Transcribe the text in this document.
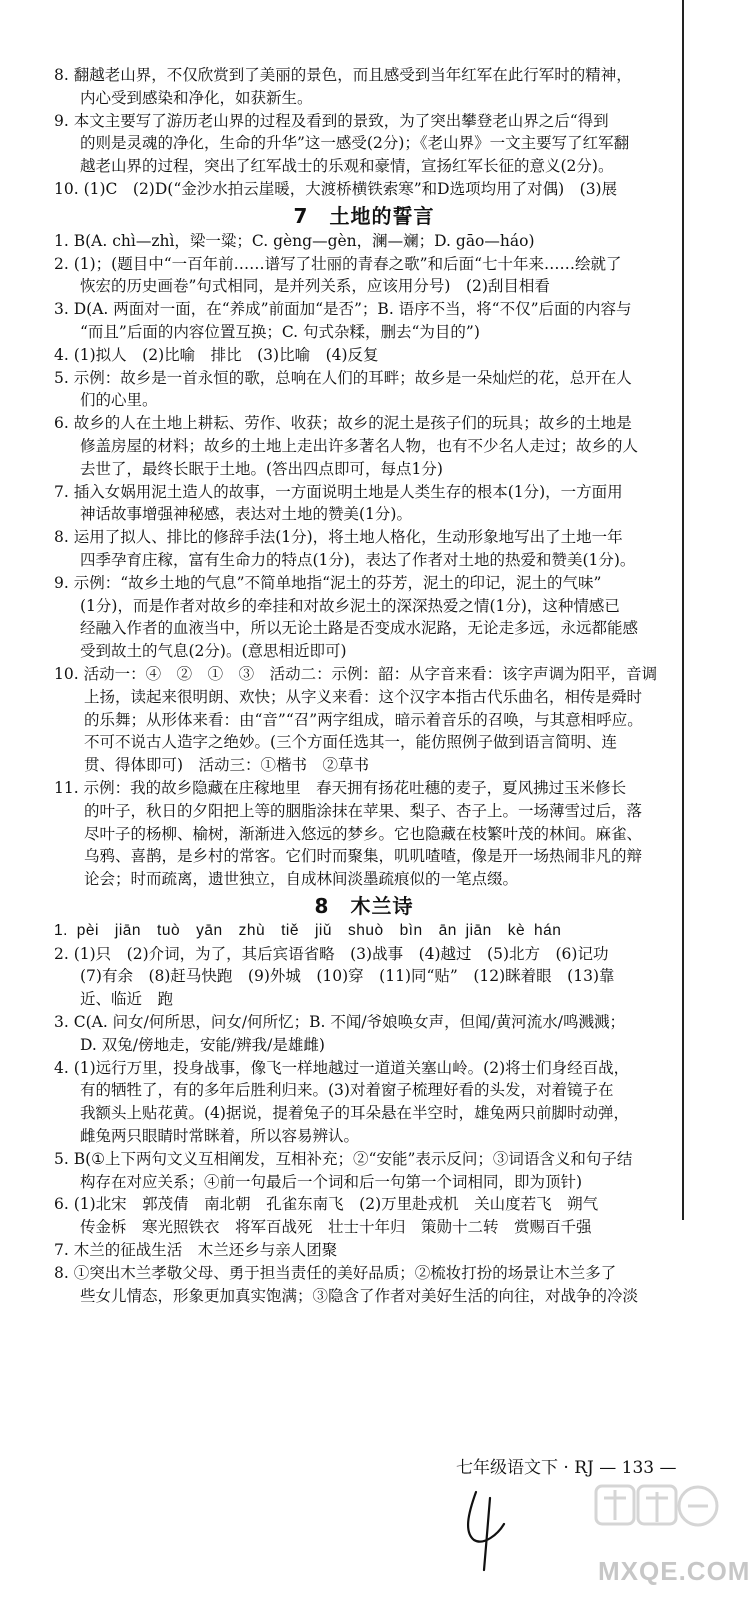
8. 翻越老山界，不仅欣赏到了美丽的景色，而且感受到当年红军在此行军时的精神，
内心受到感染和净化，如获新生。
9. 本文主要写了游历老山界的过程及看到的景致，为了突出攀登老山界之后“得到
的则是灵魂的净化，生命的升华”这一感受(2分)；《老山界》一文主要写了红军翻
越老山界的过程，突出了红军战士的乐观和豪情，宣扬红军长征的意义(2分)。
10. (1)C　(2)D(“金沙水拍云崖暖，大渡桥横铁索寒”和D选项均用了对偶)　(3)展
7　土地的誓言
1. B(A. chì—zhì，梁一粱；C. gèng—gèn，澜—斓；D. gāo—háo)
2. (1)；(题目中“一百年前……谱写了壮丽的青春之歌”和后面“七十年来……绘就了
恢宏的历史画卷”句式相同，是并列关系，应该用分号)　(2)刮目相看
3. D(A. 两面对一面，在“养成”前面加“是否”；B. 语序不当，将“不仅”后面的内容与
“而且”后面的内容位置互换；C. 句式杂糅，删去“为目的”)
4. (1)拟人　(2)比喻　排比　(3)比喻　(4)反复
5. 示例：故乡是一首永恒的歌，总响在人们的耳畔；故乡是一朵灿烂的花，总开在人
们的心里。
6. 故乡的人在土地上耕耘、劳作、收获；故乡的泥土是孩子们的玩具；故乡的土地是
修盖房屋的材料；故乡的土地上走出许多著名人物，也有不少名人走过；故乡的人
去世了，最终长眠于土地。(答出四点即可，每点1分)
7. 插入女娲用泥土造人的故事，一方面说明土地是人类生存的根本(1分)，一方面用
神话故事增强神秘感，表达对土地的赞美(1分)。
8. 运用了拟人、排比的修辞手法(1分)，将土地人格化，生动形象地写出了土地一年
四季孕育庄稼，富有生命力的特点(1分)，表达了作者对土地的热爱和赞美(1分)。
9. 示例：“故乡土地的气息”不简单地指“泥土的芬芳，泥土的印记，泥土的气味”
(1分)，而是作者对故乡的牵挂和对故乡泥土的深深热爱之情(1分)，这种情感已
经融入作者的血液当中，所以无论土路是否变成水泥路，无论走多远，永远都能感
受到故土的气息(2分)。(意思相近即可)
10. 活动一：④　②　①　③　活动二：示例：韶：从字音来看：该字声调为阳平，音调
上扬，读起来很明朗、欢快；从字义来看：这个汉字本指古代乐曲名，相传是舜时
的乐舞；从形体来看：由“音”“召”两字组成，暗示着音乐的召唤，与其意相呼应。
不可不说古人造字之绝妙。(三个方面任选其一，能仿照例子做到语言简明、连
贯、得体即可)　活动三：①楷书　②草书
11. 示例：我的故乡隐藏在庄稼地里　春天拥有扬花吐穗的麦子，夏风拂过玉米修长
的叶子，秋日的夕阳把上等的胭脂涂抹在苹果、梨子、杏子上。一场薄雪过后，落
尽叶子的杨柳、榆树，渐渐进入悠远的梦乡。它也隐藏在枝繁叶茂的林间。麻雀、
乌鸦、喜鹊，是乡村的常客。它们时而聚集，叽叽喳喳，像是开一场热闹非凡的辩
论会；时而疏离，遗世独立，自成林间淡墨疏痕似的一笔点缀。
8　木兰诗
1. pèi　jiān　tuò　yān　zhù　tiě　jiǔ　shuò　bìn　ān jiān　kè hán
2. (1)只　(2)介词，为了，其后宾语省略　(3)战事　(4)越过　(5)北方　(6)记功
(7)有余　(8)赶马快跑　(9)外城　(10)穿　(11)同“贴”　(12)眯着眼　(13)靠
近、临近　跑
3. C(A. 问女/何所思，问女/何所忆；B. 不闻/爷娘唤女声，但闻/黄河流水/鸣溅溅；
D. 双兔/傍地走，安能/辨我/是雄雌)
4. (1)远行万里，投身战事，像飞一样地越过一道道关塞山岭。(2)将士们身经百战，
有的牺牲了，有的多年后胜利归来。(3)对着窗子梳理好看的头发，对着镜子在
我额头上贴花黄。(4)据说，提着兔子的耳朵悬在半空时，雄兔两只前脚时动弹，
雌兔两只眼睛时常眯着，所以容易辨认。
5. B(①上下两句文义互相阐发，互相补充；②“安能”表示反问；③词语含义和句子结
构存在对应关系；④前一句最后一个词和后一句第一个词相同，即为顶针)
6. (1)北宋　郭茂倩　南北朝　孔雀东南飞　(2)万里赴戎机　关山度若飞　朔气
传金柝　寒光照铁衣　将军百战死　壮士十年归　策勋十二转　赏赐百千强
7. 木兰的征战生活　木兰还乡与亲人团聚
8. ①突出木兰孝敬父母、勇于担当责任的美好品质；②梳妆打扮的场景让木兰多了
些女儿情态，形象更加真实饱满；③隐含了作者对美好生活的向往，对战争的冷淡
七年级语文下 · RJ — 133 —
MXQE.COM
